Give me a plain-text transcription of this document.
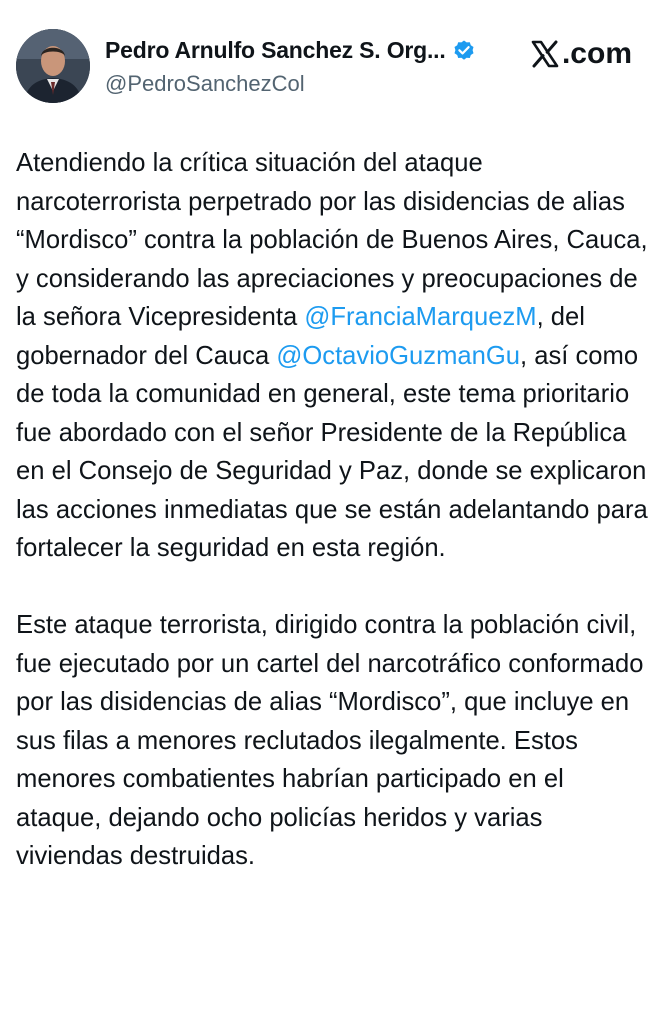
Pedro Arnulfo Sanchez S. Org...
@PedroSanchezCol
.com

Atendiendo la crítica situación del ataque narcoterrorista perpetrado por las disidencias de alias “Mordisco” contra la población de Buenos Aires, Cauca, y considerando las apreciaciones y preocupaciones de la señora Vicepresidenta @FranciaMarquezM, del gobernador del Cauca @OctavioGuzmanGu, así como de toda la comunidad en general, este tema prioritario fue abordado con el señor Presidente de la República en el Consejo de Seguridad y Paz, donde se explicaron las acciones inmediatas que se están adelantando para fortalecer la seguridad en esta región.

Este ataque terrorista, dirigido contra la población civil, fue ejecutado por un cartel del narcotráfico conformado por las disidencias de alias “Mordisco”, que incluye en sus filas a menores reclutados ilegalmente. Estos menores combatientes habrían participado en el ataque, dejando ocho policías heridos y varias viviendas destruidas.
